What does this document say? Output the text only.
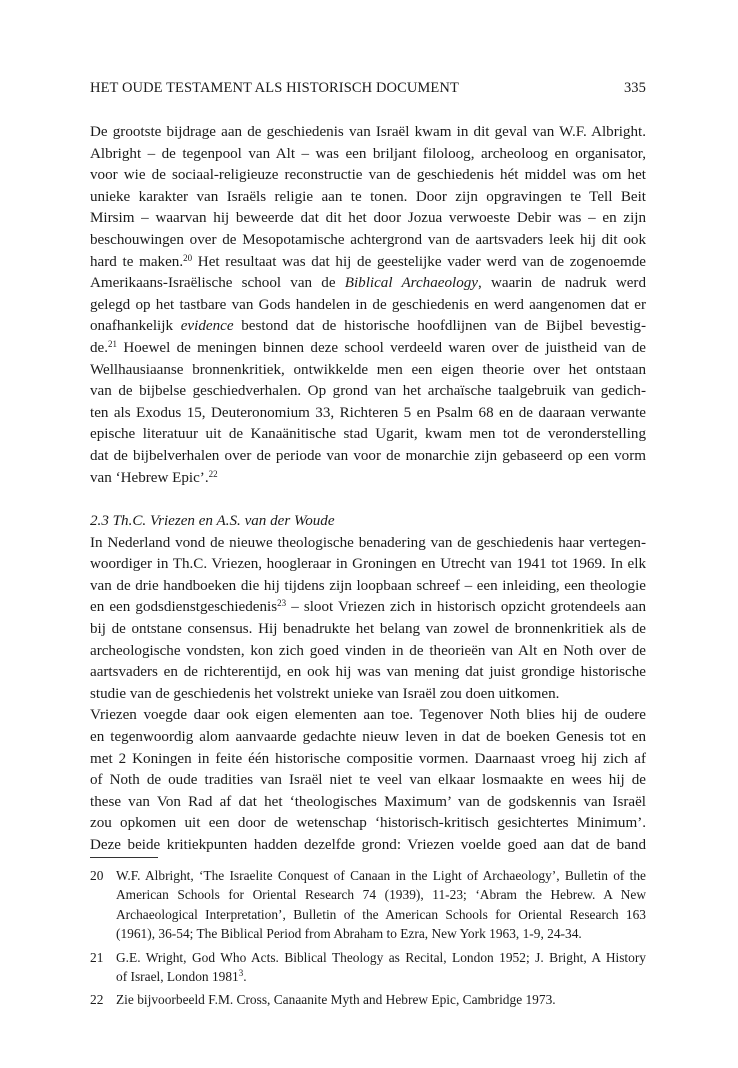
HET OUDE TESTAMENT ALS HISTORISCH DOCUMENT	335

De grootste bijdrage aan de geschiedenis van Israël kwam in dit geval van W.F. Albright.
Albright – de tegenpool van Alt – was een briljant filoloog, archeoloog en organisator,
voor wie de sociaal-religieuze reconstructie van de geschiedenis hét middel was om het
unieke karakter van Israëls religie aan te tonen. Door zijn opgravingen te Tell Beit
Mirsim – waarvan hij beweerde dat dit het door Jozua verwoeste Debir was – en zijn
beschouwingen over de Mesopotamische achtergrond van de aartsvaders leek hij dit ook
hard te maken.$^{20}$ Het resultaat was dat hij de geestelijke vader werd van de zogenoemde
Amerikaans-Israëlische school van de Biblical Archaeology, waarin de nadruk werd
gelegd op het tastbare van Gods handelen in de geschiedenis en werd aangenomen dat er
onafhankelijk evidence bestond dat de historische hoofdlijnen van de Bijbel bevestig-
de.$^{21}$ Hoewel de meningen binnen deze school verdeeld waren over de juistheid van de
Wellhausiaanse bronnenkritiek, ontwikkelde men een eigen theorie over het ontstaan
van de bijbelse geschiedverhalen. Op grond van het archaïsche taalgebruik van gedich-
ten als Exodus 15, Deuteronomium 33, Richteren 5 en Psalm 68 en de daaraan verwante
epische literatuur uit de Kanaänitische stad Ugarit, kwam men tot de veronderstelling
dat de bijbelverhalen over de periode van voor de monarchie zijn gebaseerd op een vorm
van ‘Hebrew Epic’.$^{22}$

2.3 Th.C. Vriezen en A.S. van der Woude

In Nederland vond de nieuwe theologische benadering van de geschiedenis haar vertegen-
woordiger in Th.C. Vriezen, hoogleraar in Groningen en Utrecht van 1941 tot 1969. In elk
van de drie handboeken die hij tijdens zijn loopbaan schreef – een inleiding, een theologie
en een godsdienstgeschiedenis$^{23}$ – sloot Vriezen zich in historisch opzicht grotendeels aan
bij de ontstane consensus. Hij benadrukte het belang van zowel de bronnenkritiek als de
archeologische vondsten, kon zich goed vinden in de theorieën van Alt en Noth over de
aartsvaders en de richterentijd, en ook hij was van mening dat juist grondige historische
studie van de geschiedenis het volstrekt unieke van Israël zou doen uitkomen.

Vriezen voegde daar ook eigen elementen aan toe. Tegenover Noth blies hij de oudere
en tegenwoordig alom aanvaarde gedachte nieuw leven in dat de boeken Genesis tot en
met 2 Koningen in feite één historische compositie vormen. Daarnaast vroeg hij zich af
of Noth de oude tradities van Israël niet te veel van elkaar losmaakte en wees hij de
these van Von Rad af dat het ‘theologisches Maximum’ van de godskennis van Israël
zou opkomen uit een door de wetenschap ‘historisch-kritisch gesichtertes Minimum’.
Deze beide kritiekpunten hadden dezelfde grond: Vriezen voelde goed aan dat de band

20 W.F. Albright, ‘The Israelite Conquest of Canaan in the Light of Archaeology’, Bulletin of the
American Schools for Oriental Research 74 (1939), 11-23; ‘Abram the Hebrew. A New
Archaeological Interpretation’, Bulletin of the American Schools for Oriental Research 163
(1961), 36-54; The Biblical Period from Abraham to Ezra, New York 1963, 1-9, 24-34.
21 G.E. Wright, God Who Acts. Biblical Theology as Recital, London 1952; J. Bright, A History
of Israel, London 1981$^3$.
22 Zie bijvoorbeeld F.M. Cross, Canaanite Myth and Hebrew Epic, Cambridge 1973.
